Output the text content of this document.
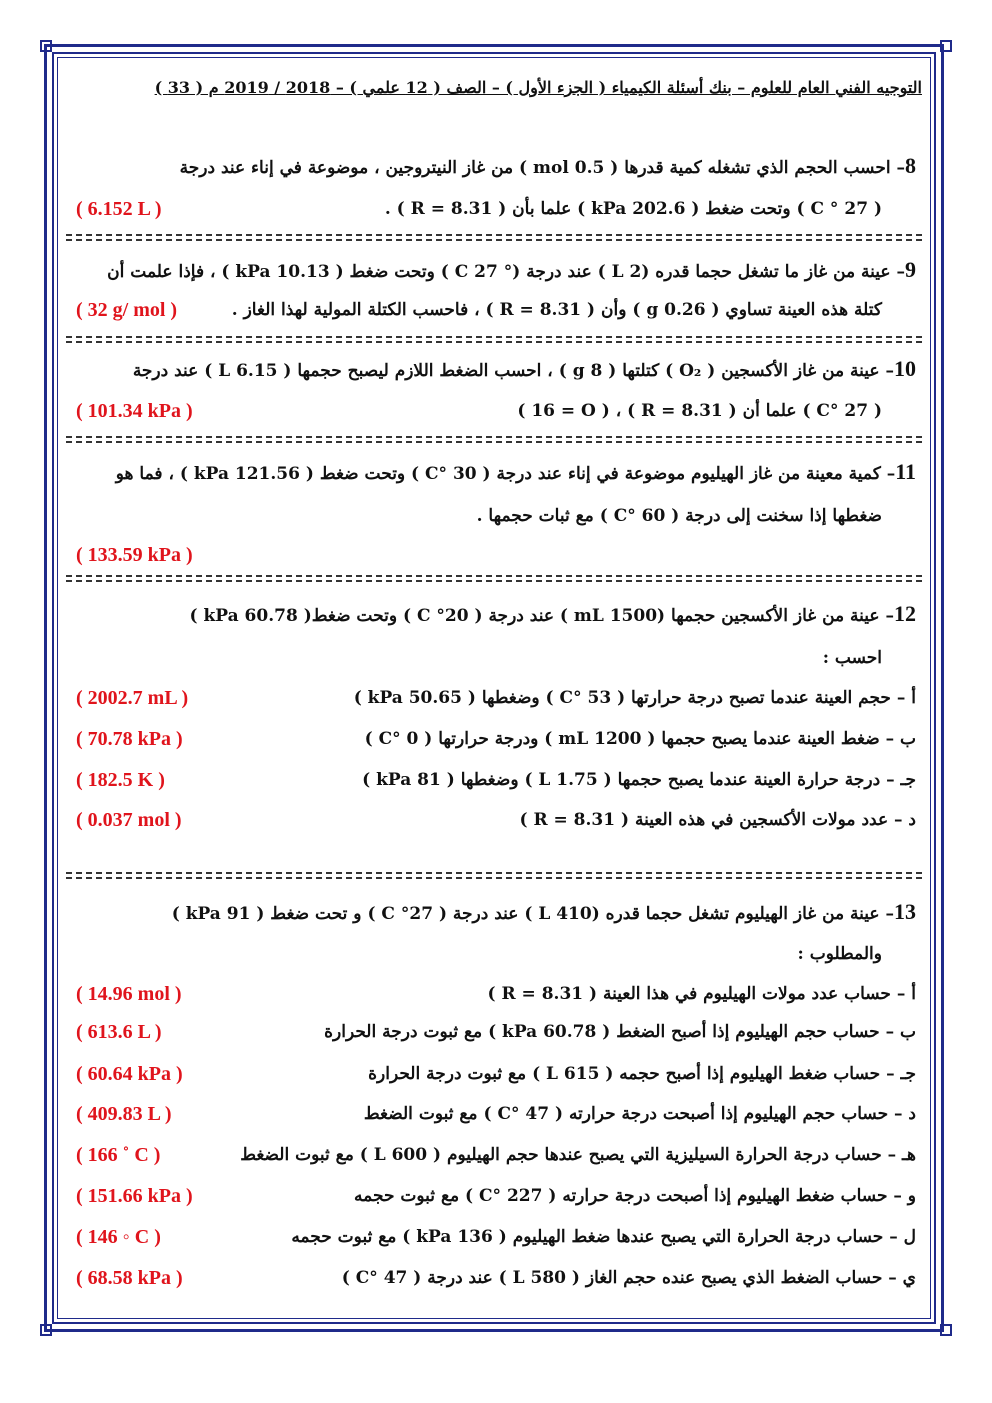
التوجيه الفني العام للعلوم – بنك أسئلة الكيمياء ( الجزء الأول ) – الصف ( 12 علمي ) – 2018 / 2019 م ( 33 )
8– احسب الحجم الذي تشغله كمية قدرها ( 0.5 mol ) من غاز النيتروجين ، موضوعة في إناء عند درجة
( 27 ° C ) وتحت ضغط ( 202.6 kPa ) علما بأن ( R = 8.31 ) .
( 6.152 L )
9– عينة من غاز ما تشغل حجما قدره (2 L ) عند درجة (° 27 C ) وتحت ضغط ( 10.13 kPa ) ، فإذا علمت أن
كتلة هذه العينة تساوي ( 0.26 g ) وأن ( R = 8.31 ) ، فاحسب الكتلة المولية لهذا الغاز .
( 32 g/ mol )
10– عينة من غاز الأكسجين ( O₂ ) كتلتها ( 8 g ) ، احسب الضغط اللازم ليصبح حجمها ( 6.15 L ) عند درجة
( 27 °C ) علما أن ( R = 8.31 ) ، ( 16 = O )
( 101.34 kPa )
11– كمية معينة من غاز الهيليوم موضوعة في إناء عند درجة ( 30 °C ) وتحت ضغط ( 121.56 kPa ) ، فما هو
ضغطها إذا سخنت إلى درجة ( 60 °C ) مع ثبات حجمها .
( 133.59 kPa )
12– عينة من غاز الأكسجين حجمها (1500 mL ) عند درجة ( 20° C ) وتحت ضغط( 60.78 kPa )
احسب :
أ – حجم العينة عندما تصبح درجة حرارتها ( 53 °C ) وضغطها ( 50.65 kPa )
( 2002.7 mL )
ب – ضغط العينة عندما يصبح حجمها ( 1200 mL ) ودرجة حرارتها ( 0 °C )
( 70.78 kPa )
جـ – درجة حرارة العينة عندما يصبح حجمها ( 1.75 L ) وضغطها ( 81 kPa )
( 182.5 K )
د – عدد مولات الأكسجين في هذه العينة ( R = 8.31 )
( 0.037 mol )
13– عينة من غاز الهيليوم تشغل حجما قدره (410 L ) عند درجة ( 27° C ) و تحت ضغط ( 91 kPa )
والمطلوب :
أ – حساب عدد مولات الهيليوم في هذا العينة ( R = 8.31 )
( 14.96 mol )
ب – حساب حجم الهيليوم إذا أصبح الضغط ( 60.78 kPa ) مع ثبوت درجة الحرارة
( 613.6 L )
جـ – حساب ضغط الهيليوم إذا أصبح حجمه ( 615 L ) مع ثبوت درجة الحرارة
( 60.64 kPa )
د – حساب حجم الهيليوم إذا أصبحت درجة حرارته ( 47 °C ) مع ثبوت الضغط
( 409.83 L )
هـ – حساب درجة الحرارة السيليزية التي يصبح عندها حجم الهيليوم ( 600 L ) مع ثبوت الضغط
( 166 ˚ C )
و – حساب ضغط الهيليوم إذا أصبحت درجة حرارته ( 227 °C ) مع ثبوت حجمه
( 151.66 kPa )
ل – حساب درجة الحرارة التي يصبح عندها ضغط الهيليوم ( 136 kPa ) مع ثبوت حجمه
( 146 ◦ C )
ي – حساب الضغط الذي يصبح عنده حجم الغاز ( 580 L ) عند درجة ( 47 °C )
( 68.58 kPa )
